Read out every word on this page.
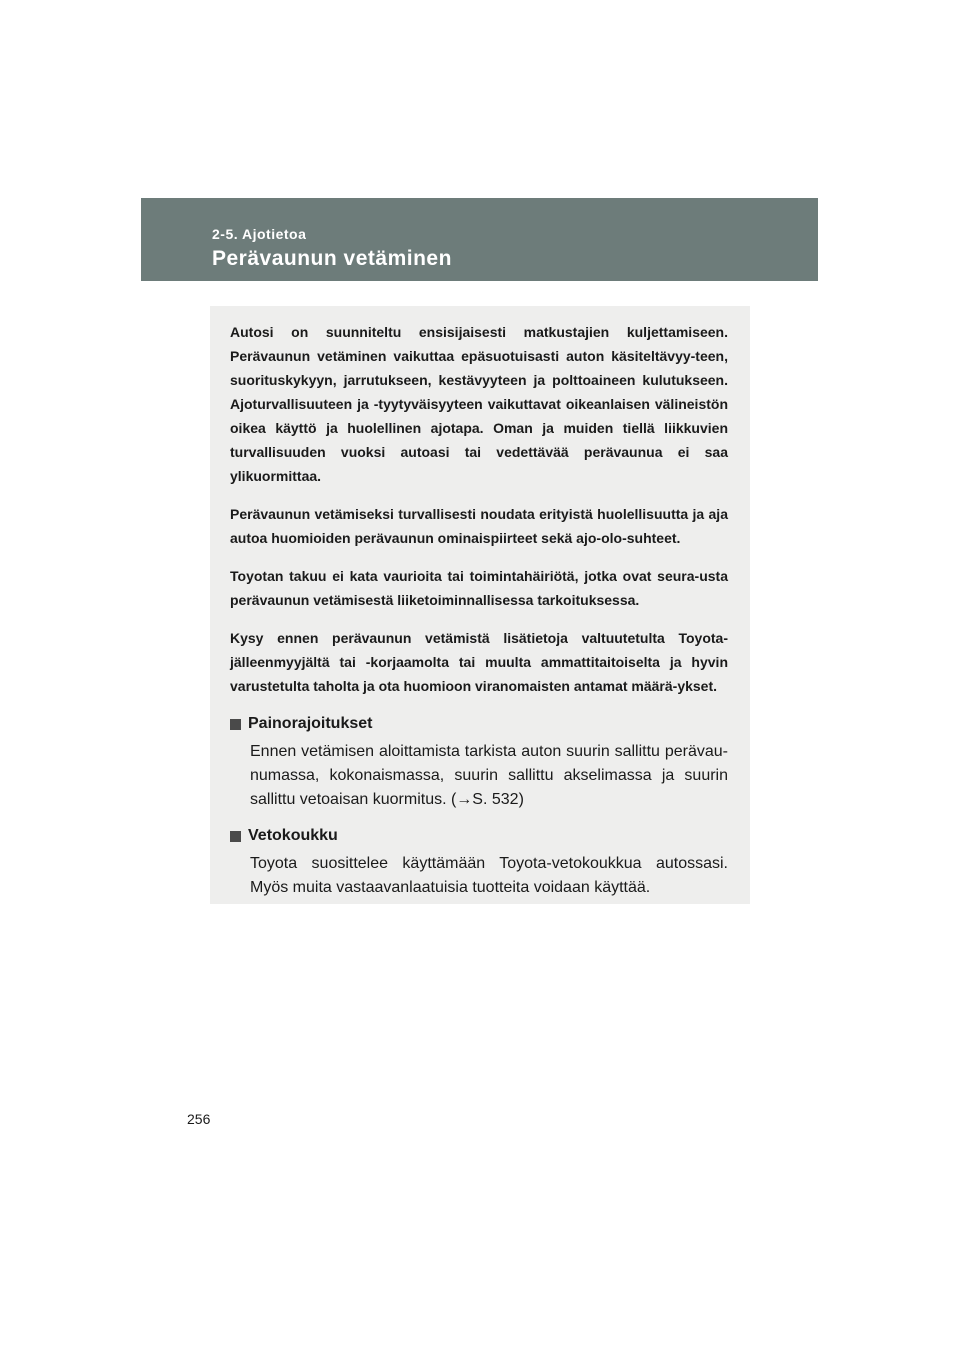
2-5. Ajotietoa

Perävaunun vetäminen

Autosi on suunniteltu ensisijaisesti matkustajien kuljettamiseen. Perävaunun vetäminen vaikuttaa epäsuotuisasti auton käsiteltävyy-teen, suorituskykyyn, jarrutukseen, kestävyyteen ja polttoaineen kulutukseen. Ajoturvallisuuteen ja -tyytyväisyyteen vaikuttavat oikeanlaisen välineistön oikea käyttö ja huolellinen ajotapa. Oman ja muiden tiellä liikkuvien turvallisuuden vuoksi autoasi tai vedettävää perävaunua ei saa ylikuormittaa.

Perävaunun vetämiseksi turvallisesti noudata erityistä huolellisuutta ja aja autoa huomioiden perävaunun ominaispiirteet sekä ajo-olo-suhteet.

Toyotan takuu ei kata vaurioita tai toimintahäiriötä, jotka ovat seura-usta perävaunun vetämisestä liiketoiminnallisessa tarkoituksessa.

Kysy ennen perävaunun vetämistä lisätietoja valtuutetulta Toyota-jälleenmyyjältä tai -korjaamolta tai muulta ammattitaitoiselta ja hyvin varustetulta taholta ja ota huomioon viranomaisten antamat määrä-ykset.

Painorajoitukset

Ennen vetämisen aloittamista tarkista auton suurin sallittu perävau-numassa, kokonaismassa, suurin sallittu akselimassa ja suurin sallittu vetoaisan kuormitus. (→S. 532)

Vetokoukku

Toyota suosittelee käyttämään Toyota-vetokoukkua autossasi. Myös muita vastaavanlaatuisia tuotteita voidaan käyttää.

256
